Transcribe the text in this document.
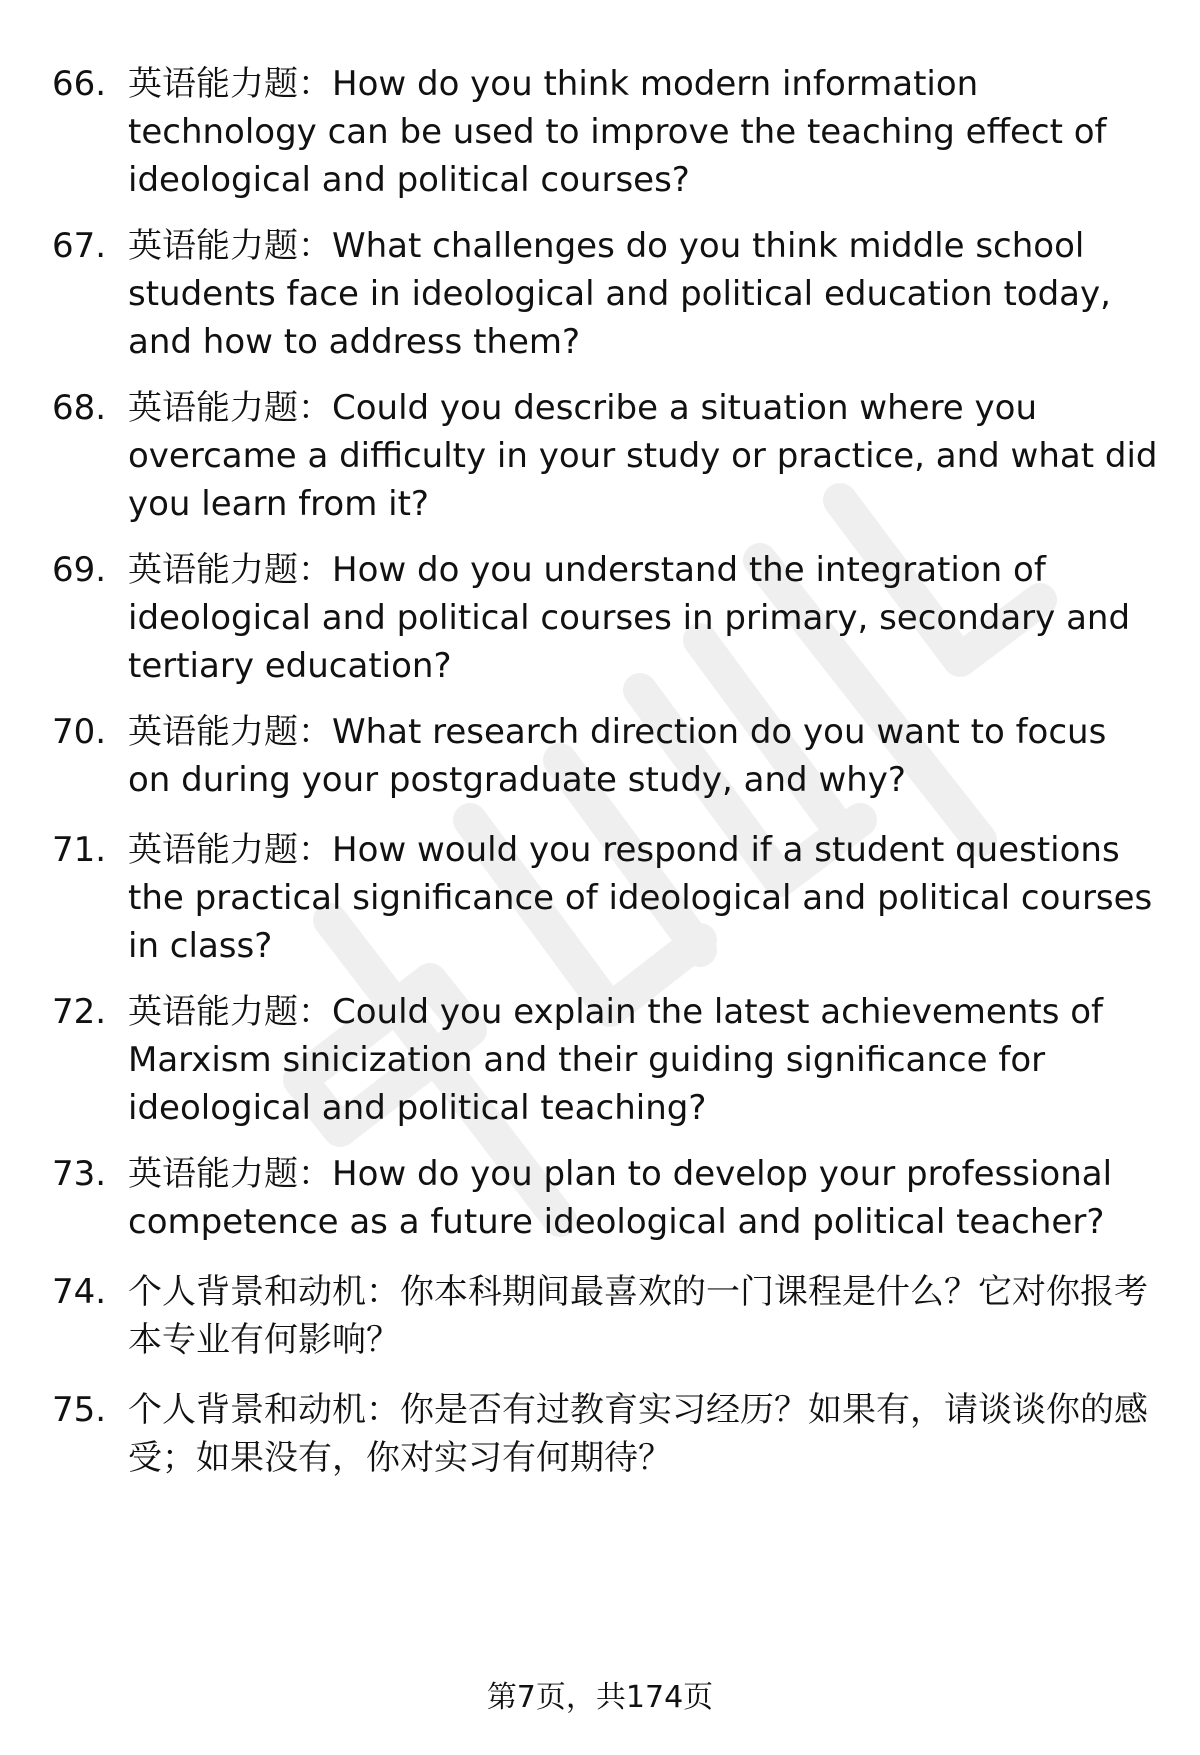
66. 英语能力题：How do you think modern information technology can be used to improve the teaching effect of ideological and political courses?

67. 英语能力题：What challenges do you think middle school students face in ideological and political education today, and how to address them?

68. 英语能力题：Could you describe a situation where you overcame a difficulty in your study or practice, and what did you learn from it?

69. 英语能力题：How do you understand the integration of ideological and political courses in primary, secondary and tertiary education?

70. 英语能力题：What research direction do you want to focus on during your postgraduate study, and why?

71. 英语能力题：How would you respond if a student questions the practical significance of ideological and political courses in class?

72. 英语能力题：Could you explain the latest achievements of Marxism sinicization and their guiding significance for ideological and political teaching?

73. 英语能力题：How do you plan to develop your professional competence as a future ideological and political teacher?

74. 个人背景和动机：你本科期间最喜欢的一门课程是什么？它对你报考本专业有何影响？

75. 个人背景和动机：你是否有过教育实习经历？如果有，请谈谈你的感受；如果没有，你对实习有何期待？

第7页，共174页
